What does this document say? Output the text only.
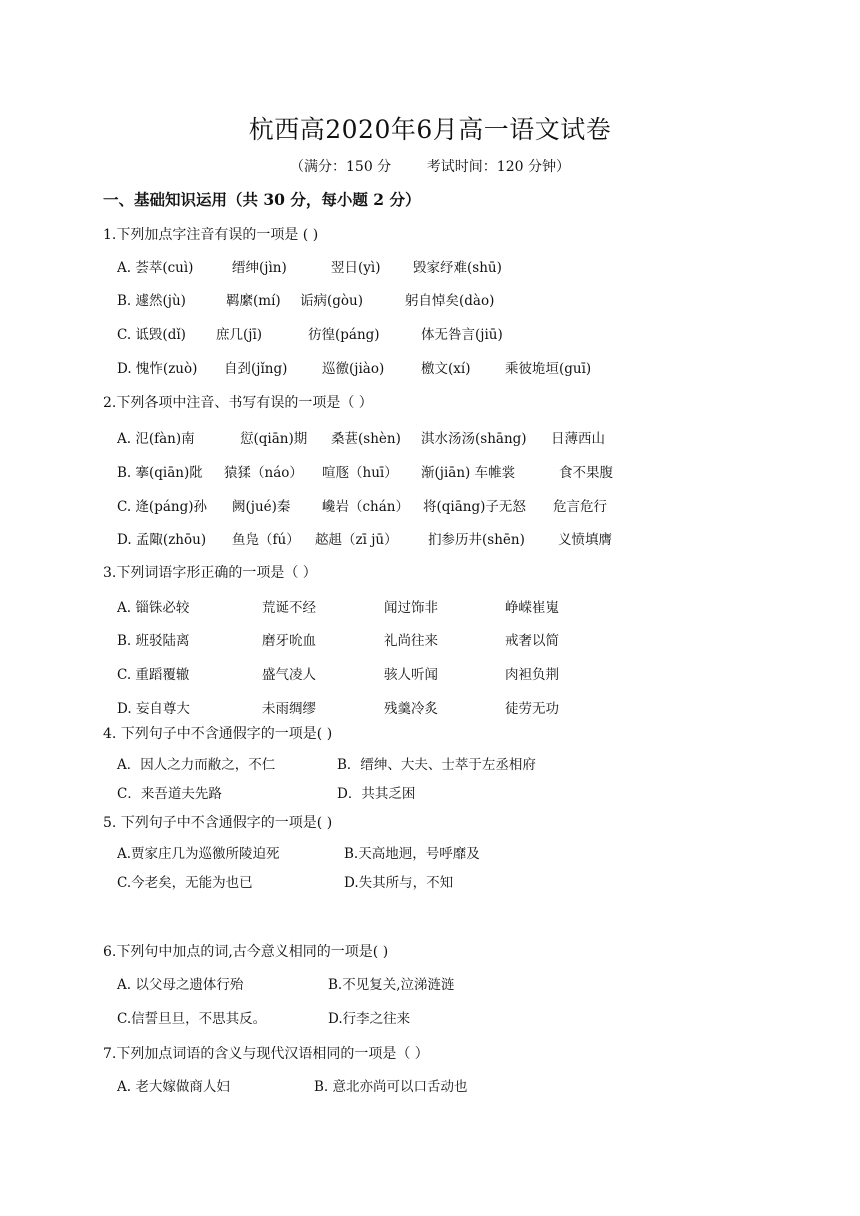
杭西高2020年6月高一语文试卷
（满分：150 分        考试时间：120 分钟）
一、基础知识运用（共 30 分，每小题 2 分）
1.下列加点字注音有误的一项是 ( )
A. 荟萃(cuì)	缙绅(jìn)	翌日(yì) 毁家纾难(shū)
B. 遽然(jù)	羁縻(mí) 诟病(gòu)	躬自悼矣(dào)
C. 诋毁(dǐ) 庶几(jī)	彷徨(páng)	体无咎言(jiū)
D. 愧怍(zuò) 自刭(jǐng)	巡徼(jiào)	檄文(xí)	乘彼垝垣(guī)
2.下列各项中注音、书写有误的一项是（ ）
A. 氾(fàn)南	愆(qiān)期 桑葚(shèn) 淇水汤汤(shāng) 日薄西山
B. 搴(qiān)阰 猿猱（náo） 喧豗（huī） 渐(jiān) 车帷裳	食不果腹
C. 逄(páng)孙 阙(jué)秦 巉岩（chán） 将(qiāng)子无怒 危言危行
D. 孟陬(zhōu) 鱼凫（fú） 趑趄（zī jū） 扪参历井(shēn) 义愤填膺
3.下列词语字形正确的一项是（ ）
A. 锱铢必较	荒诞不经	闻过饰非	峥嵘崔嵬
B. 班驳陆离	磨牙吮血	礼尚往来	戒奢以简
C. 重蹈覆辙	盛气凌人	骇人听闻	肉袒负荆
D. 妄自尊大	未雨绸缪	残羹冷炙	徒劳无功
4. 下列句子中不含通假字的一项是( )
A．因人之力而敝之，不仁	B．缙绅、大夫、士萃于左丞相府
C．来吾道夫先路	D．共其乏困
5. 下列句子中不含通假字的一项是( )
A.贾家庄几为巡徼所陵迫死	B.天高地迥，号呼靡及
C.今老矣，无能为也已	D.失其所与，不知
6.下列句中加点的词,古今意义相同的一项是( )
A. 以父母之遗体行殆	B.不见复关,泣涕涟涟
C.信誓旦旦，不思其反。	D.行李之往来
7.下列加点词语的含义与现代汉语相同的一项是（ ）
A. 老大嫁做商人妇	B. 意北亦尚可以口舌动也
